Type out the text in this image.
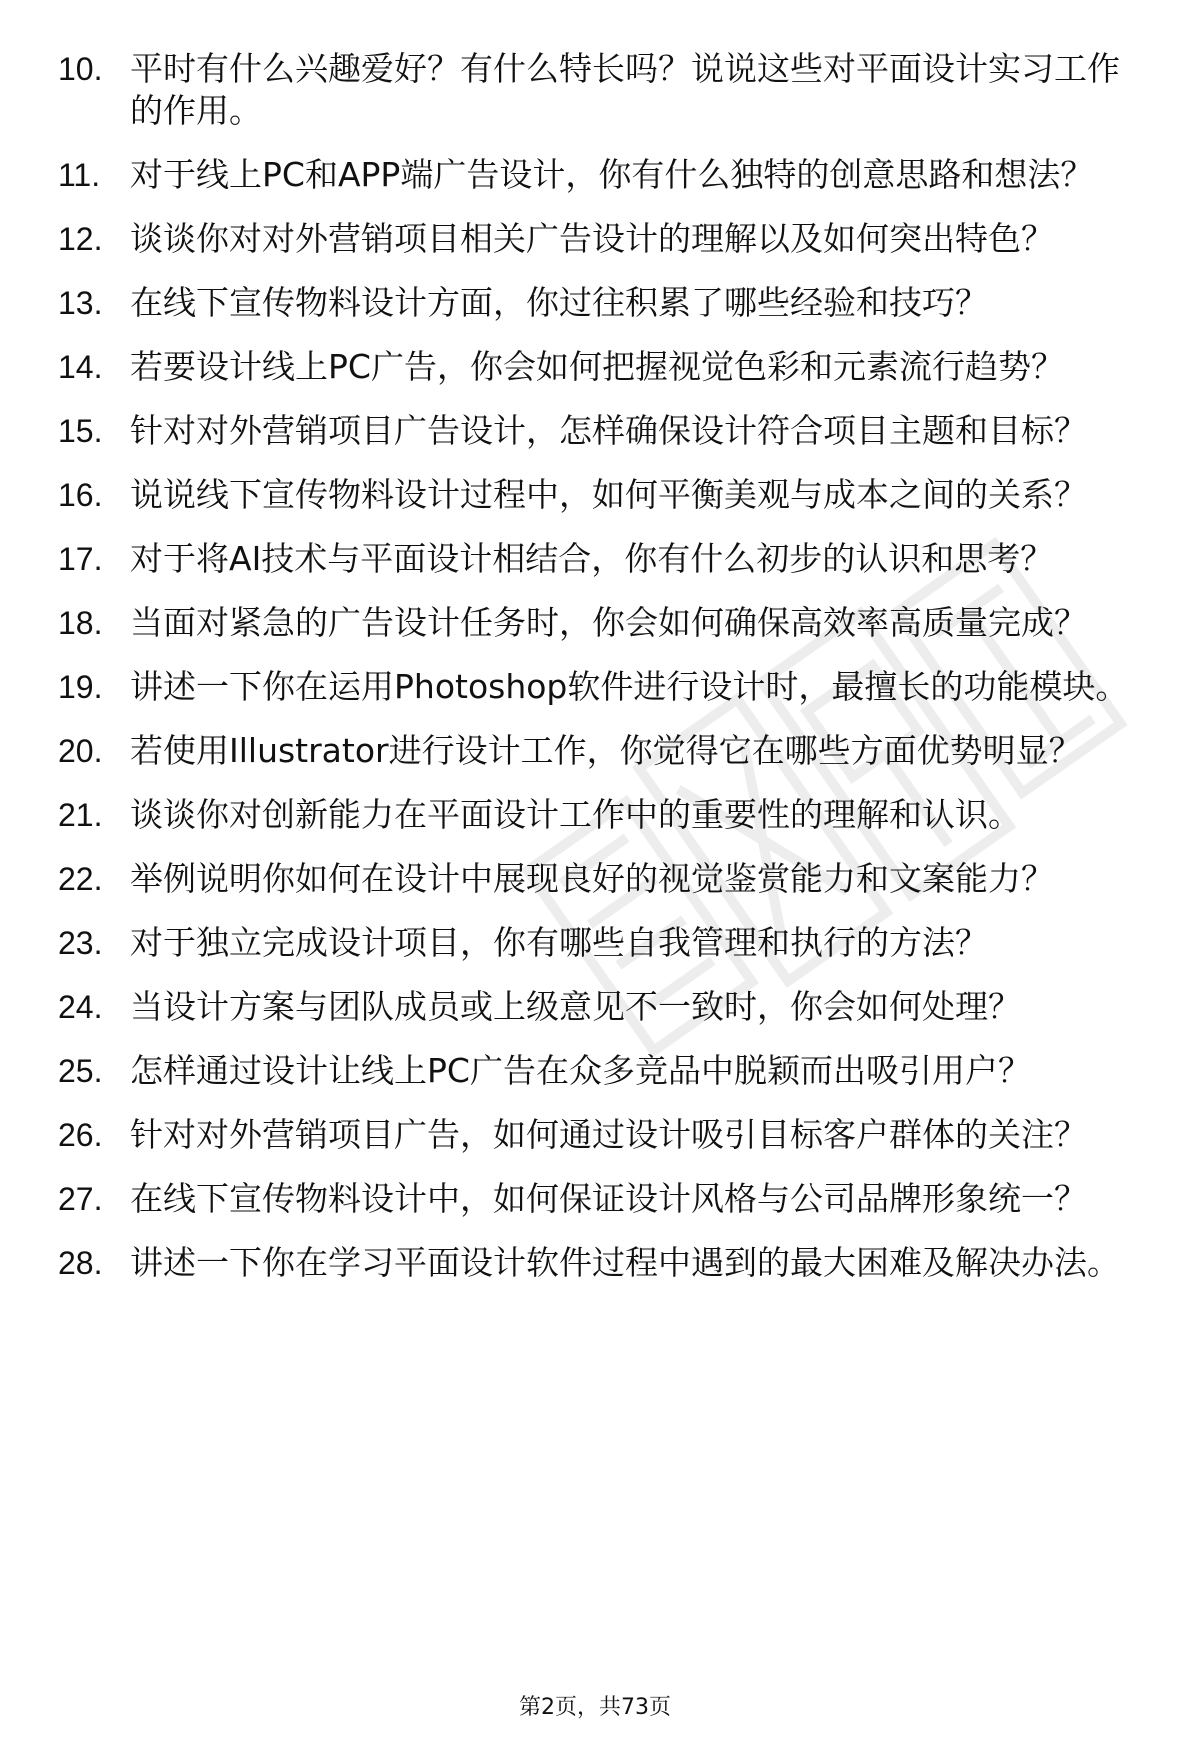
10. 平时有什么兴趣爱好？有什么特长吗？说说这些对平面设计实习工作的作用。
11. 对于线上PC和APP端广告设计，你有什么独特的创意思路和想法？
12. 谈谈你对对外营销项目相关广告设计的理解以及如何突出特色？
13. 在线下宣传物料设计方面，你过往积累了哪些经验和技巧？
14. 若要设计线上PC广告，你会如何把握视觉色彩和元素流行趋势？
15. 针对对外营销项目广告设计，怎样确保设计符合项目主题和目标？
16. 说说线下宣传物料设计过程中，如何平衡美观与成本之间的关系？
17. 对于将AI技术与平面设计相结合，你有什么初步的认识和思考？
18. 当面对紧急的广告设计任务时，你会如何确保高效率高质量完成？
19. 讲述一下你在运用Photoshop软件进行设计时，最擅长的功能模块。
20. 若使用Illustrator进行设计工作，你觉得它在哪些方面优势明显？
21. 谈谈你对创新能力在平面设计工作中的重要性的理解和认识。
22. 举例说明你如何在设计中展现良好的视觉鉴赏能力和文案能力？
23. 对于独立完成设计项目，你有哪些自我管理和执行的方法？
24. 当设计方案与团队成员或上级意见不一致时，你会如何处理？
25. 怎样通过设计让线上PC广告在众多竞品中脱颖而出吸引用户？
26. 针对对外营销项目广告，如何通过设计吸引目标客户群体的关注？
27. 在线下宣传物料设计中，如何保证设计风格与公司品牌形象统一？
28. 讲述一下你在学习平面设计软件过程中遇到的最大困难及解决办法。
第2页，共73页
